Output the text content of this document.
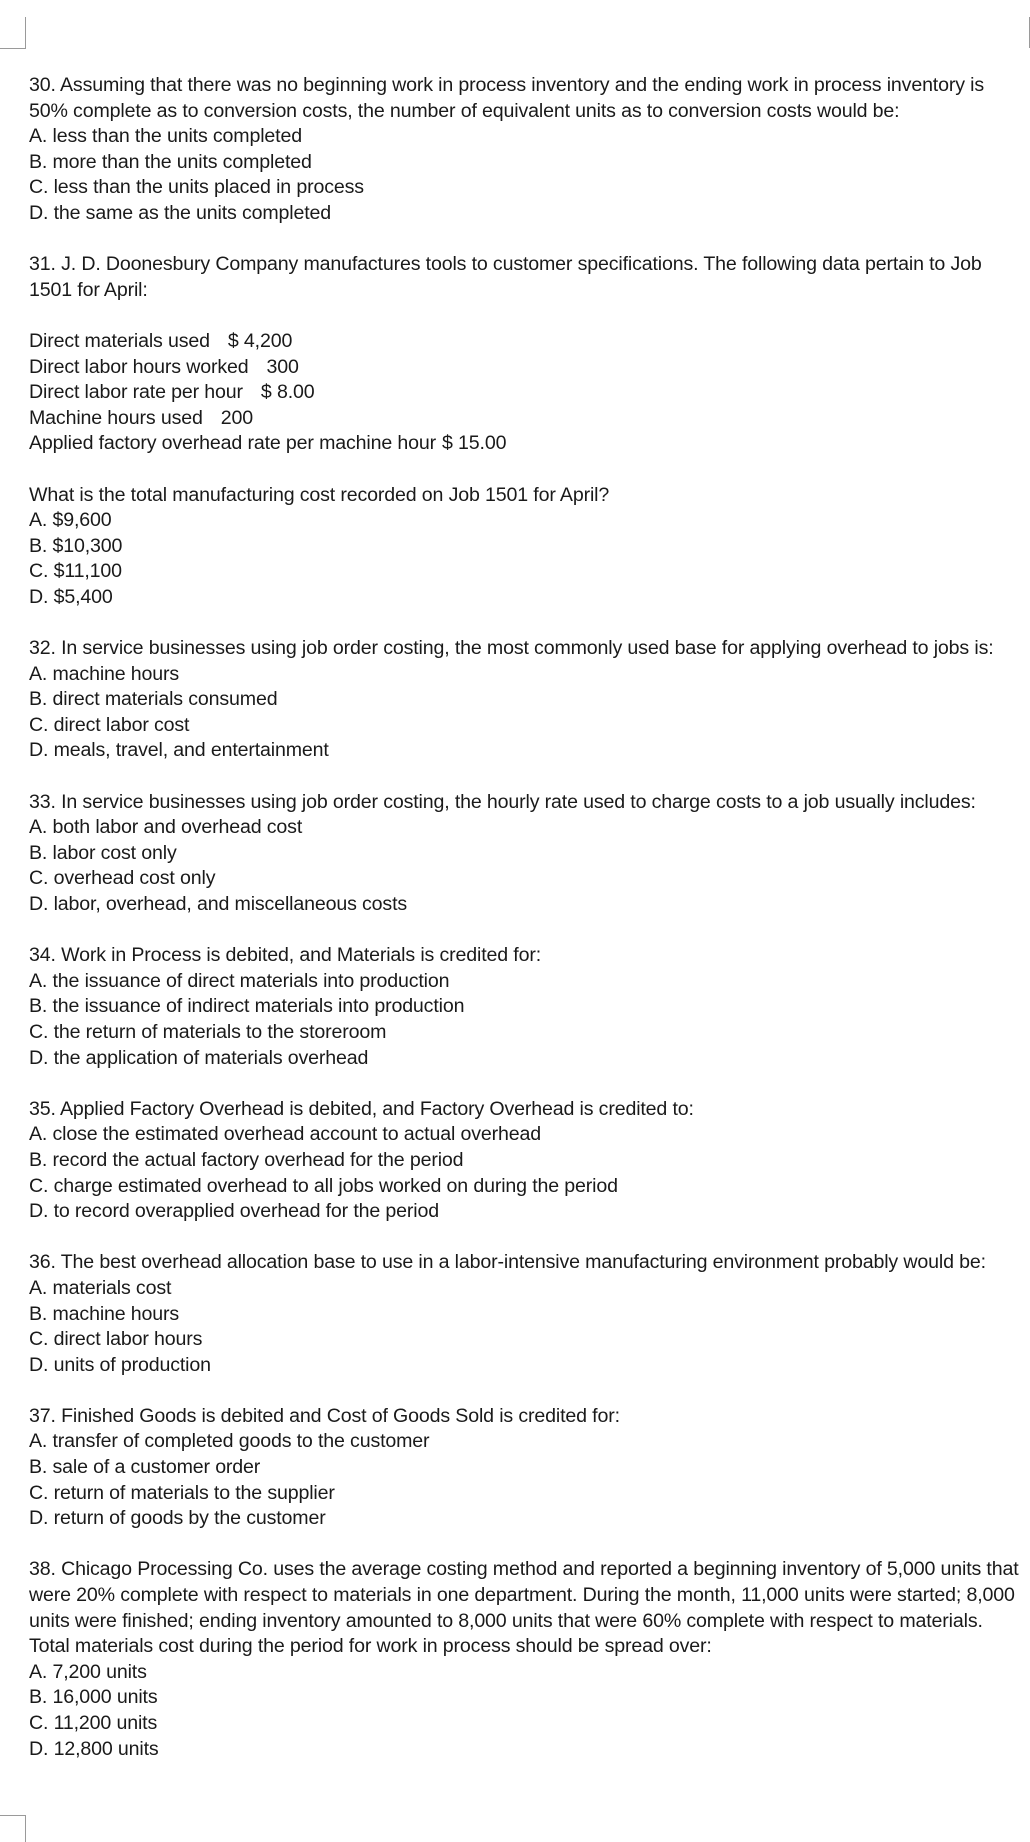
30. Assuming that there was no beginning work in process inventory and the ending work in process inventory is 50% complete as to conversion costs, the number of equivalent units as to conversion costs would be:

A. less than the units completed
B. more than the units completed
C. less than the units placed in process
D. the same as the units completed

31. J. D. Doonesbury Company manufactures tools to customer specifications. The following data pertain to Job 1501 for April:

Direct materials used $ 4,200
Direct labor hours worked 300
Direct labor rate per hour $ 8.00
Machine hours used 200
Applied factory overhead rate per machine hour $ 15.00

What is the total manufacturing cost recorded on Job 1501 for April?

A. $9,600
B. $10,300
C. $11,100
D. $5,400

32. In service businesses using job order costing, the most commonly used base for applying overhead to jobs is:

A. machine hours
B. direct materials consumed
C. direct labor cost
D. meals, travel, and entertainment

33. In service businesses using job order costing, the hourly rate used to charge costs to a job usually includes:

A. both labor and overhead cost
B. labor cost only
C. overhead cost only
D. labor, overhead, and miscellaneous costs

34. Work in Process is debited, and Materials is credited for:

A. the issuance of direct materials into production
B. the issuance of indirect materials into production
C. the return of materials to the storeroom
D. the application of materials overhead

35. Applied Factory Overhead is debited, and Factory Overhead is credited to:

A. close the estimated overhead account to actual overhead
B. record the actual factory overhead for the period
C. charge estimated overhead to all jobs worked on during the period
D. to record overapplied overhead for the period

36. The best overhead allocation base to use in a labor-intensive manufacturing environment probably would be:

A. materials cost
B. machine hours
C. direct labor hours
D. units of production

37. Finished Goods is debited and Cost of Goods Sold is credited for:

A. transfer of completed goods to the customer
B. sale of a customer order
C. return of materials to the supplier
D. return of goods by the customer

38. Chicago Processing Co. uses the average costing method and reported a beginning inventory of 5,000 units that were 20% complete with respect to materials in one department. During the month, 11,000 units were started; 8,000 units were finished; ending inventory amounted to 8,000 units that were 60% complete with respect to materials. Total materials cost during the period for work in process should be spread over:

A. 7,200 units
B. 16,000 units
C. 11,200 units
D. 12,800 units
